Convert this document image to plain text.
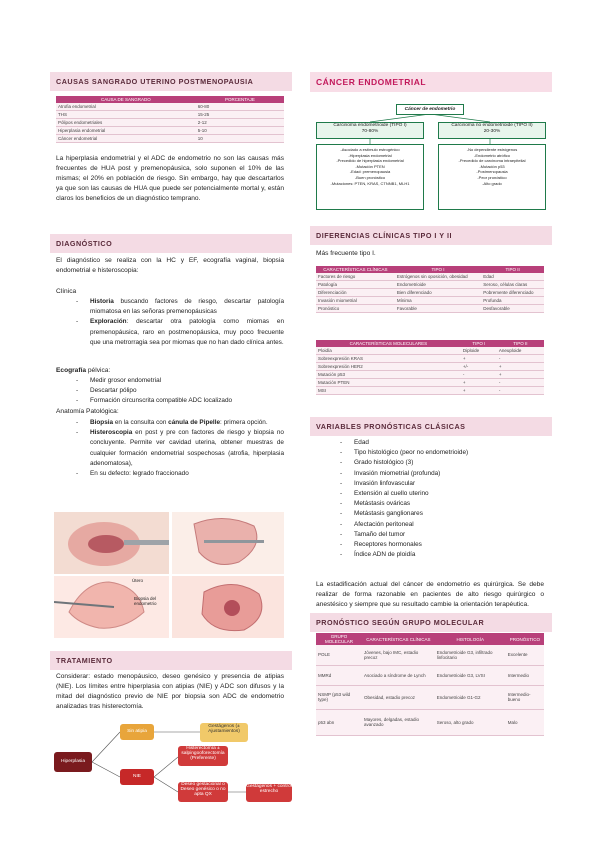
CAUSAS SANGRADO UTERINO POSTMENOPAUSIA
CAUSA DE SANGRADO	PORCENTAJE
Atrofia endometrial	60-80
THS	15-25
Pólipos endometriales	2-12
Hiperplasia endometrial	5-10
Cáncer endometrial	10

La hiperplasia endometrial y el ADC de endometrio no son las causas más frecuentes de HUA post y premenopáusica, solo suponen el 10% de las mismas; el 20% en población de riesgo. Sin embargo, hay que descartarlos ya que son las causas de HUA que puede ser potencialmente mortal y, están claros los beneficios de un diagnóstico temprano.

DIAGNÓSTICO

El diagnóstico se realiza con la HC y EF, ecografía vaginal, biopsia endometrial e histeroscopia:

Clínica
- Historia buscando factores de riesgo, descartar patología miomatosa en las señoras premenopáusicas
- Exploración: descartar otra patología como miomas en premenopáusica, raro en postmenopáusica, muy poco frecuente que una metrorragia sea por miomas que no han dado clínica antes.
Ecografía pélvica:
- Medir grosor endometrial
- Descartar pólipo
- Formación circunscrita compatible ADC localizado
Anatomía Patológica:
- Biopsia en la consulta con cánula de Pipelle: primera opción.
- Histeroscopia en post y pre con factores de riesgo y biopsia no concluyente. Permite ver cavidad uterina, obtener muestras de cualquier formación endometrial sospechosas (atrofia, hiperplasia adenomatosa),
- En su defecto: legrado fraccionado
Útero
Biopsia del endometrio
TRATAMIENTO

Considerar: estado menopáusico, deseo genésico y presencia de atipias (NIE). Los límites entre hiperplasia con atipias (NIE) y ADC son difusos y la mitad del diagnóstico previo de NIE por biopsia son ADC de endometrio analizadas tras histerectomía.

Hiperplasia
Sin atipia
Gestágenos (± Ajustamientos)
NIE
Histerectomía ± salpingooforectomía (Preferente)
Deseo gestacional o Deseo genésico o no apta QX
Gestágenos + control estrecho
CÁNCER ENDOMETRIAL
Cáncer de endometrio
Carcinoma endometrioide (TIPO I)
70-80%
Carcinoma no endometrioide (TIPO II)
20-30%
-Asociado a estímulo estrogénico
-Hiperplasia endometrial
-Precedido de hiperplasia endometrial
-Mutación PTEN
-Edad: premenopausia
-Buen pronóstico
-Mutaciones: PTEN, KRAS, CTNNB1, MLH1
-No dependiente estrógenos
-Endometrio atrófico
-Precedido de carcinoma intraepitelial
-Mutación p53
-Postmenopausia
-Peor pronóstico
-Alto grado
DIFERENCIAS CLÍNICAS TIPO I Y II
Más frecuente tipo I.
CARACTERÍSTICAS CLÍNICAS	TIPO I	TIPO II
Factores de riesgo	Estrógenos sin oposición, obesidad	Edad
Patología	Endometrioide	Seroso, células claras
Diferenciación	Bien diferenciado	Pobremente diferenciado
Invasión miometrial	Mínima	Profunda
Pronóstico	Favorable	Desfavorable
CARACTERÍSTICAS MOLECULARES	TIPO I	TIPO II
Ploidía	Diploide	Aneuploide
Sobreexpresión KRAS	+	-
Sobreexpresión HER2	+/-	+
Mutación p53	-	+
Mutación PTEN	+	-
MSI	+	-
VARIABLES PRONÓSTICAS CLÁSICAS
- Edad
- Tipo histológico (peor no endometrioide)
- Grado histológico (3)
- Invasión miometrial (profunda)
- Invasión linfovascular
- Extensión al cuello uterino
- Metástasis ováricas
- Metástasis ganglionares
- Afectación peritoneal
- Tamaño del tumor
- Receptores hormonales
- Índice ADN de ploidía

La estadificación actual del cáncer de endometrio es quirúrgica. Se debe realizar de forma razonable en pacientes de alto riesgo quirúrgico o anestésico y siempre que su resultado cambie la orientación terapéutica.

PRONÓSTICO SEGÚN GRUPO MOLECULAR
GRUPO MOLECULAR	CARACTERÍSTICAS CLÍNICAS	HISTOLOGÍA	PRONÓSTICO
POLE	Jóvenes, bajo IMC, estadio precoz	Endometrioide G3, infiltrado linfocitario	Excelente
MMRd	Asociado a síndrome de Lynch	Endometrioide G3, LVSI	Intermedio
NSMP (p53 wild type)	Obesidad, estadio precoz	Endometrioide G1-G2	Intermedio-bueno
p53 abn	Mayores, delgadas, estadio avanzado	Seroso, alto grado	Malo
